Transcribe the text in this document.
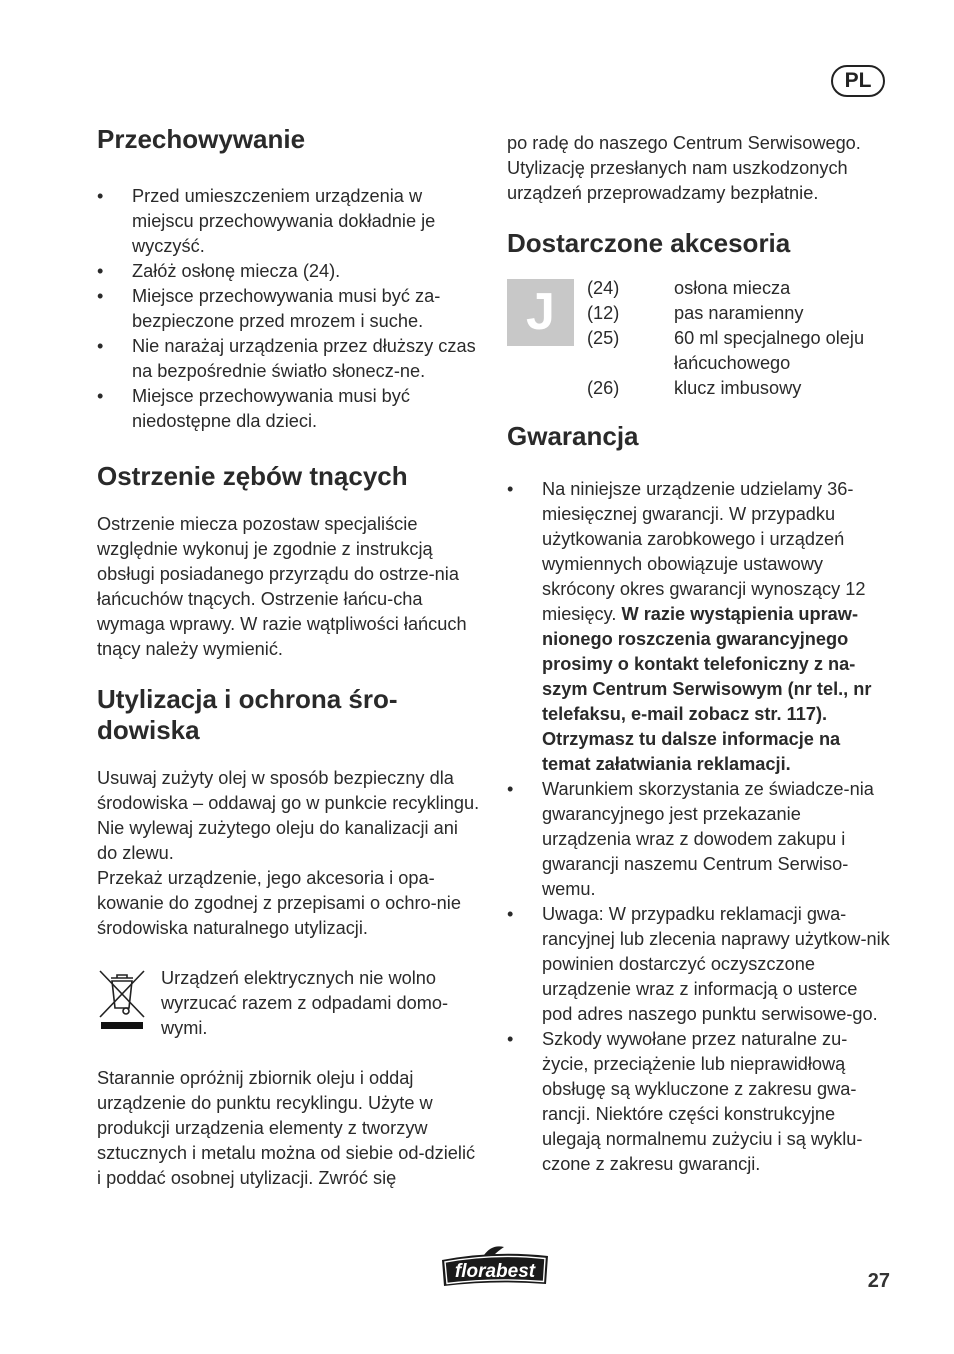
PL
Przechowywanie
• Przed umieszczeniem urządzenia w miejscu przechowywania dokładnie je wyczyść.
• Załóż osłonę miecza (24).
• Miejsce przechowywania musi być za-bezpieczone przed mrozem i suche.
• Nie narażaj urządzenia przez dłuższy czas na bezpośrednie światło słonecz-ne.
• Miejsce przechowywania musi być niedostępne dla dzieci.
Ostrzenie zębów tnących

Ostrzenie miecza pozostaw specjaliście względnie wykonuj je zgodnie z instrukcją obsługi posiadanego przyrządu do ostrze-nia łańcuchów tnących. Ostrzenie łańcu-cha wymaga wprawy. W razie wątpliwości łańcuch tnący należy wymienić.

Utylizacja i ochrona śro-dowiska

Usuwaj zużyty olej w sposób bezpieczny dla środowiska – oddawaj go w punkcie recyklingu. Nie wylewaj zużytego oleju do kanalizacji ani do zlewu.

Przekaż urządzenie, jego akcesoria i opa-kowanie do zgodnej z przepisami o ochro-nie środowiska naturalnego utylizacji.

Urządzeń elektrycznych nie wolno wyrzucać razem z odpadami domo-wymi.

Starannie opróżnij zbiornik oleju i oddaj urządzenie do punktu recyklingu. Użyte w produkcji urządzenia elementy z tworzyw sztucznych i metalu można od siebie od-dzielić i poddać osobnej utylizacji. Zwróć się

po radę do naszego Centrum Serwisowego. Utylizację przesłanych nam uszkodzonych urządzeń przeprowadzamy bezpłatnie.

Dostarczone akcesoria
J	(24)	osłona miecza
(12)	pas naramienny
(25)	60 ml specjalnego oleju łańcuchowego
(26)	klucz imbusowy
Gwarancja
• Na niniejsze urządzenie udzielamy 36-miesięcznej gwarancji. W przypadku użytkowania zarobkowego i urządzeń wymiennych obowiązuje ustawowy skrócony okres gwarancji wynoszący 12 miesięcy. W razie wystąpienia upraw-nionego roszczenia gwarancyjnego prosimy o kontakt telefoniczny z na-szym Centrum Serwisowym (nr tel., nr telefaksu, e-mail zobacz str. 117). Otrzymasz tu dalsze informacje na temat załatwiania reklamacji.
• Warunkiem skorzystania ze świadcze-nia gwarancyjnego jest przekazanie urządzenia wraz z dowodem zakupu i gwarancji naszemu Centrum Serwiso-wemu.
• Uwaga: W przypadku reklamacji gwa-rancyjnej lub zlecenia naprawy użytkow-nik powinien dostarczyć oczyszczone urządzenie wraz z informacją o usterce pod adres naszego punktu serwisowe-go.
• Szkody wywołane przez naturalne zu-życie, przeciążenie lub nieprawidłową obsługę są wykluczone z zakresu gwa-rancji. Niektóre części konstrukcyjne ulegają normalnemu zużyciu i są wyklu-czone z zakresu gwarancji.
florabest	27
